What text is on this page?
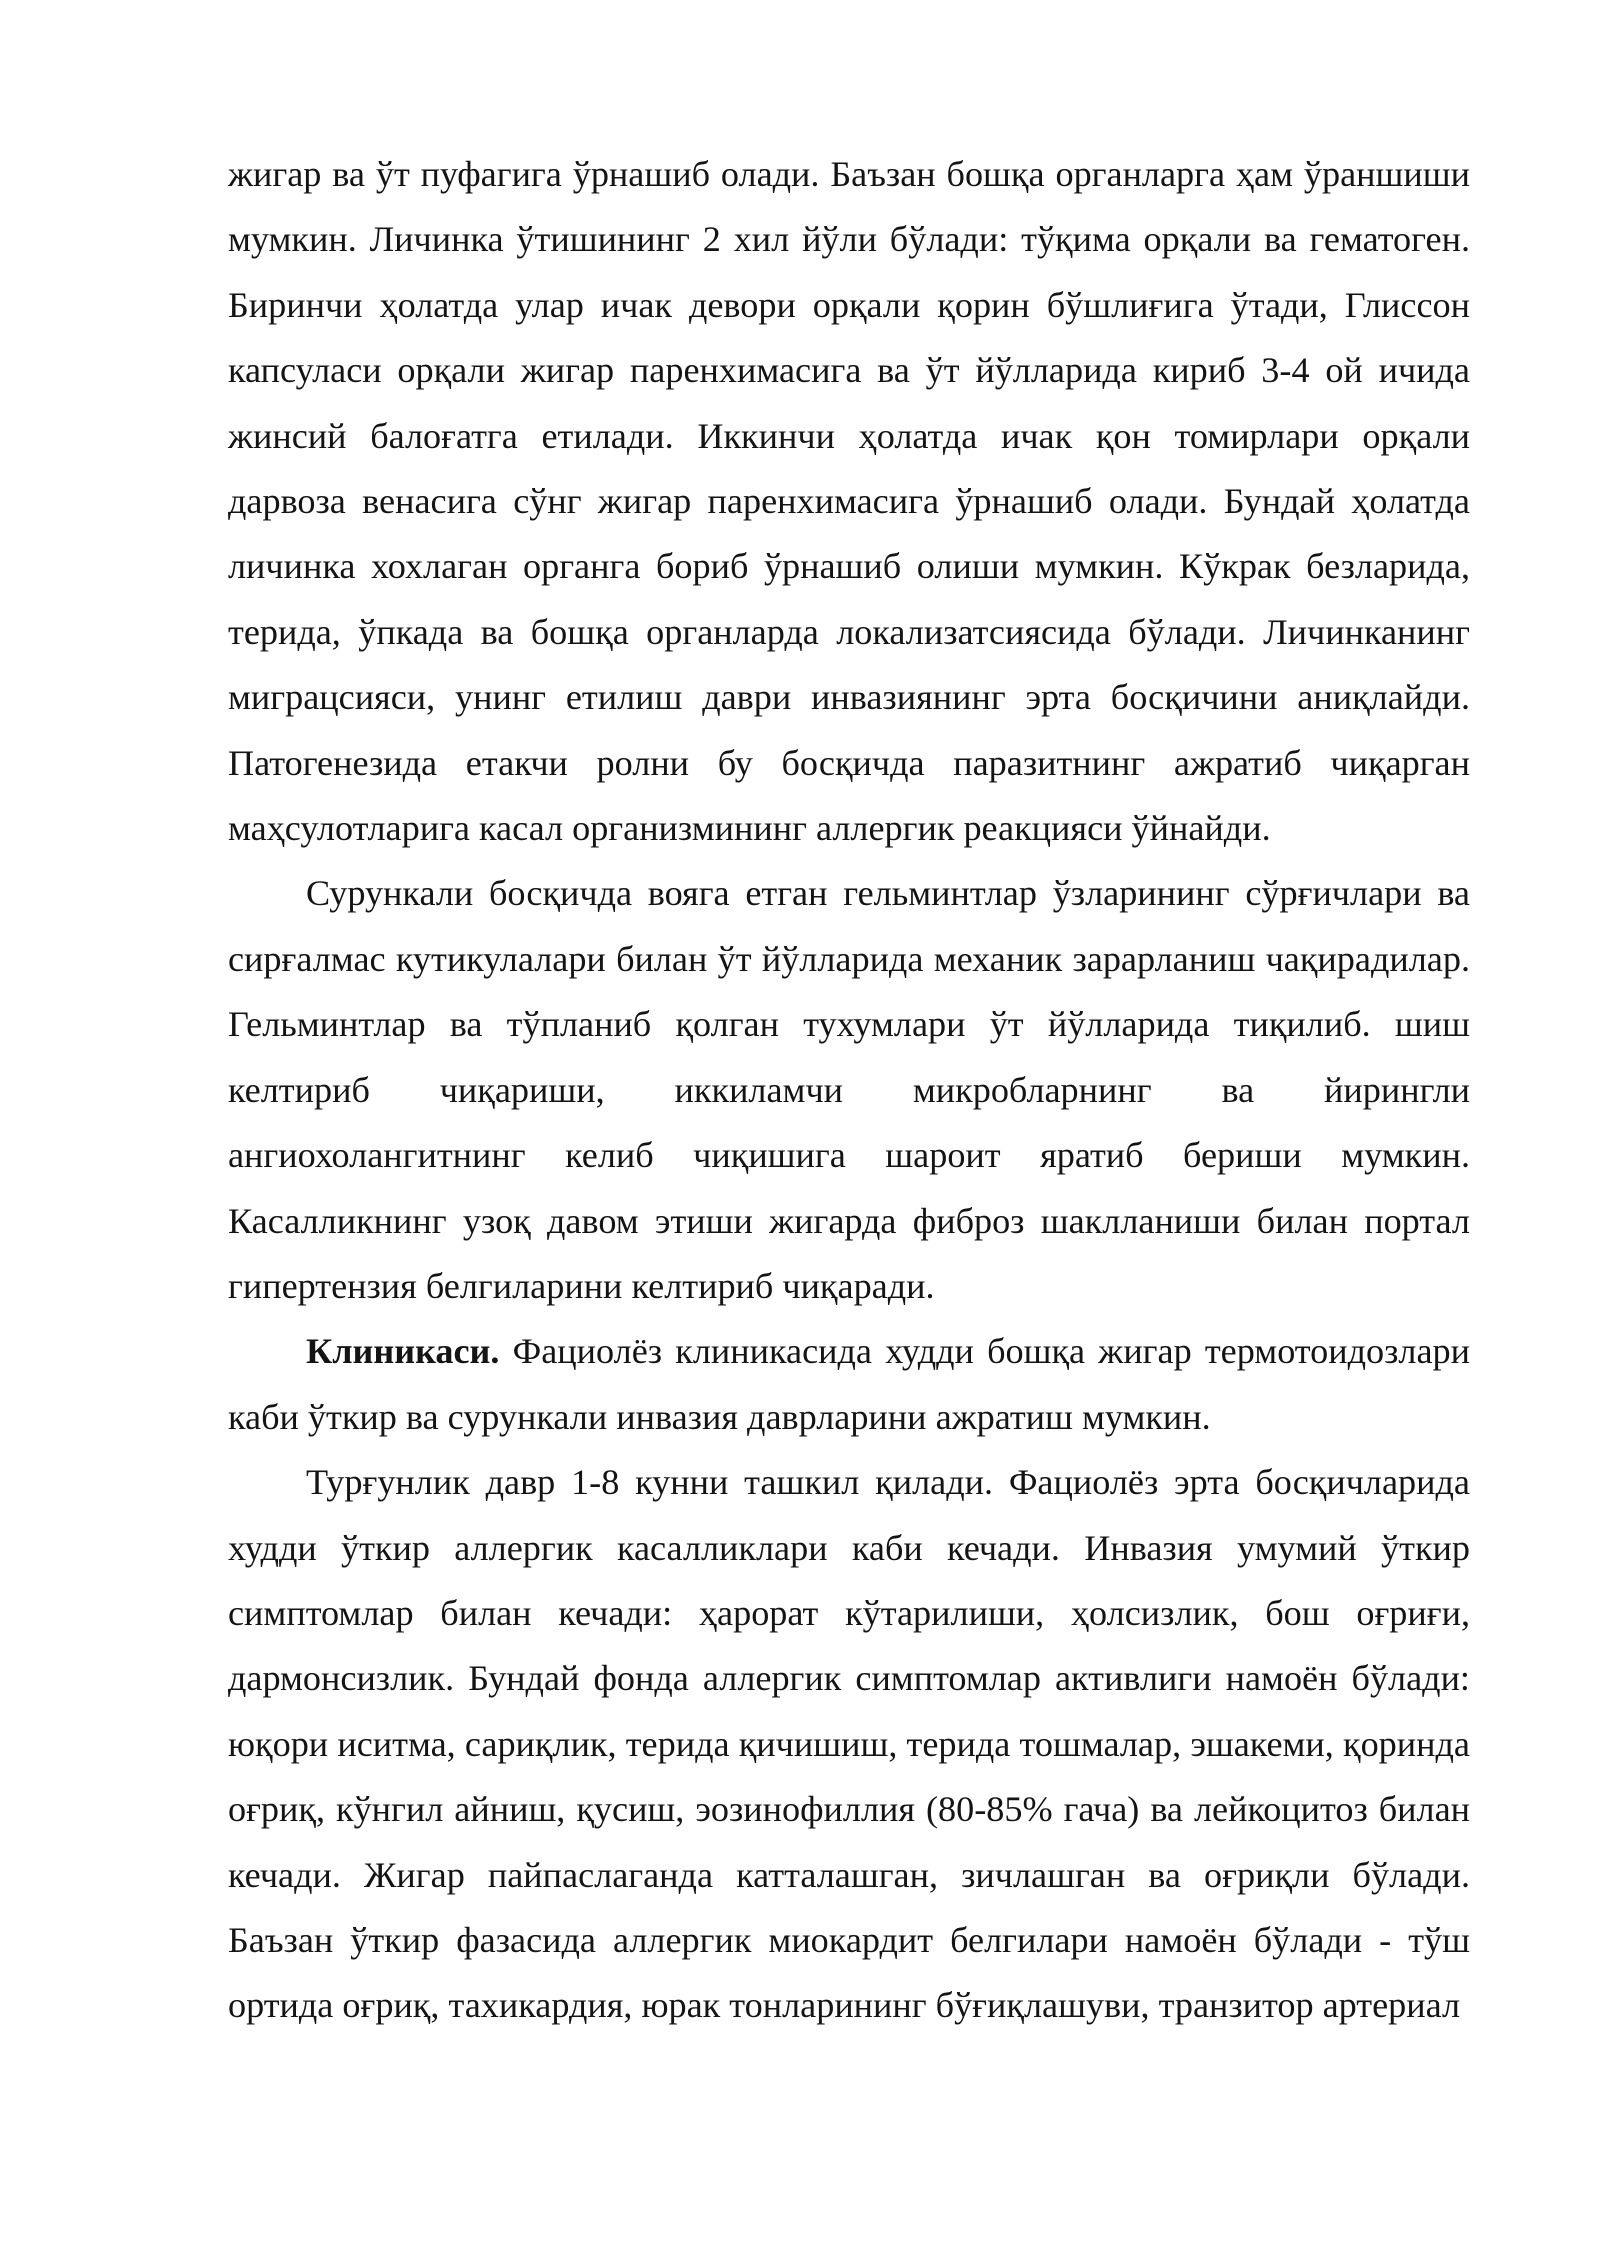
жигар ва ўт пуфагига ўрнашиб олади. Баъзан бошқа органларга ҳам ўраншиши мумкин. Личинка ўтишининг 2 хил йўли бўлади: тўқима орқали ва гематоген. Биринчи ҳолатда улар ичак девори орқали қорин бўшлиғига ўтади, Глиссон капсуласи орқали жигар паренхимасига ва ўт йўлларида кириб 3-4 ой ичида жинсий балоғатга етилади. Иккинчи ҳолатда ичак қон томирлари орқали дарвоза венасига сўнг жигар паренхимасига ўрнашиб олади. Бундай ҳолатда личинка хохлаган органга бориб ўрнашиб олиши мумкин. Кўкрак безларида, терида, ўпкада ва бошқа органларда локализатсиясида бўлади. Личинканинг миграцсияси, унинг етилиш даври инвазиянинг эрта босқичини аниқлайди. Патогенезида етакчи ролни бу босқичда паразитнинг ажратиб чиқарган маҳсулотларига касал организмининг аллергик реакцияси ўйнайди.

Сурункали босқичда вояга етган гельминтлар ўзларининг сўрғичлари ва сирғалмас кутикулалари билан ўт йўлларида механик зарарланиш чақирадилар. Гельминтлар ва тўпланиб қолган тухумлари ўт йўлларида тиқилиб. шиш келтириб чиқариши, иккиламчи микробларнинг ва йирингли ангиохолангитнинг келиб чиқишига шароит яратиб бериши мумкин. Касалликнинг узоқ давом этиши жигарда фиброз шаклланиши билан портал гипертензия белгиларини келтириб чиқаради.

Клиникаси. Фациолёз клиникасида худди бошқа жигар термотоидозлари каби ўткир ва сурункали инвазия даврларини ажратиш мумкин.

Турғунлик давр 1-8 кунни ташкил қилади. Фациолёз эрта босқичларида худди ўткир аллергик касалликлари каби кечади. Инвазия умумий ўткир симптомлар билан кечади: ҳарорат кўтарилиши, ҳолсизлик, бош оғриғи, дармонсизлик. Бундай фонда аллергик симптомлар активлиги намоён бўлади: юқори иситма, сариқлик, терида қичишиш, терида тошмалар, эшакеми, қоринда оғриқ, кўнгил айниш, қусиш, эозинофиллия (80-85% гача) ва лейкоцитоз билан кечади. Жигар пайпаслаганда катталашган, зичлашган ва оғриқли бўлади. Баъзан ўткир фазасида аллергик миокардит белгилари намоён бўлади - тўш ортида оғриқ, тахикардия, юрак тонларининг бўғиқлашуви, транзитор артериал
